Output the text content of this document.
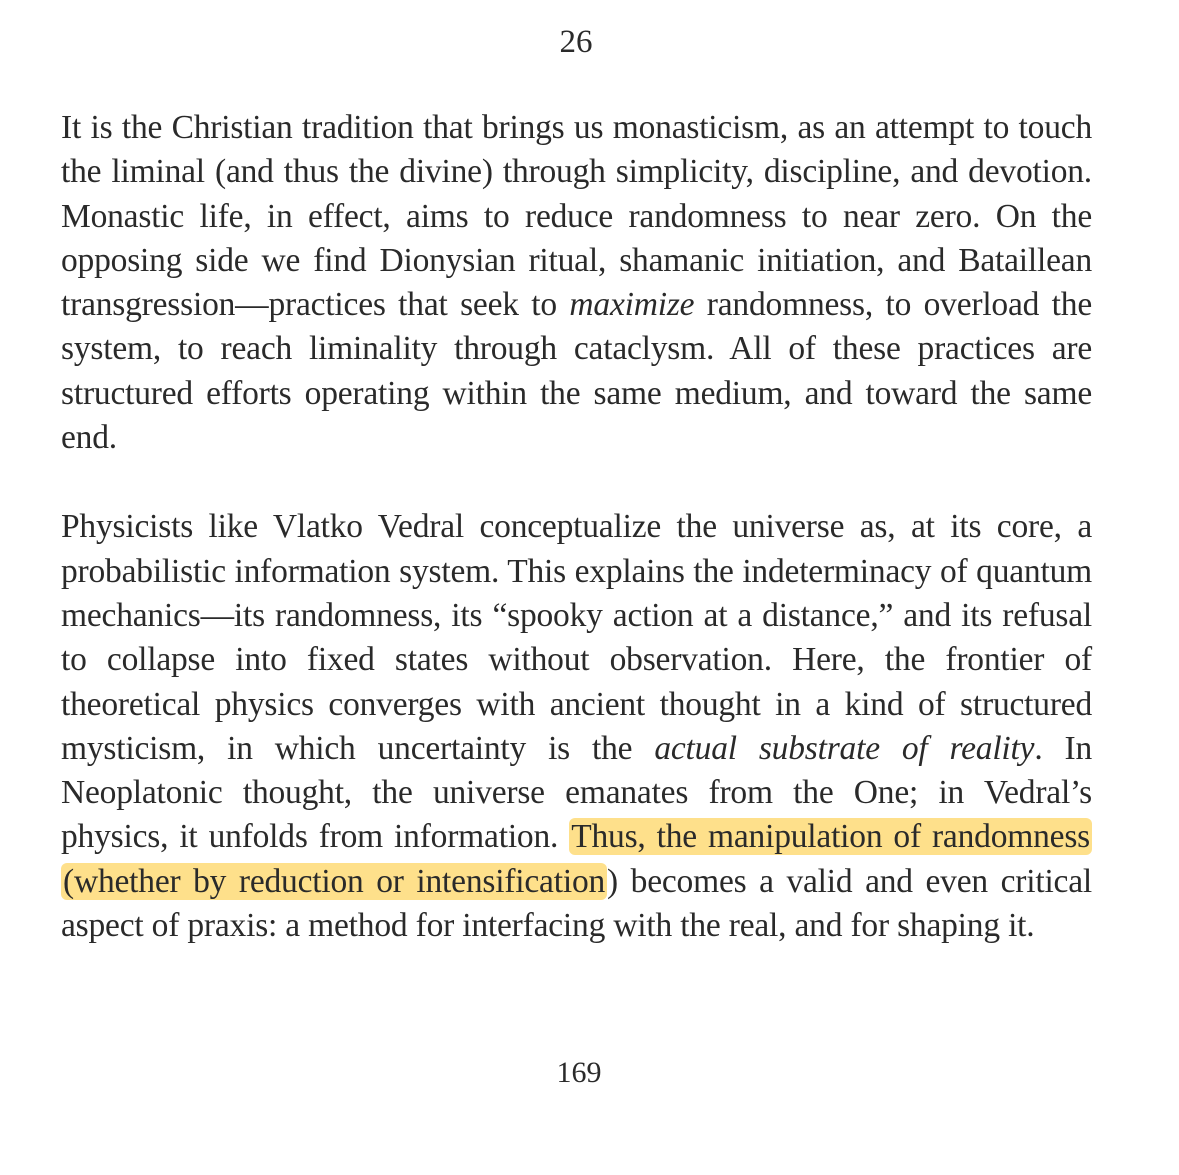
26

It is the Christian tradition that brings us monasticism, as an attempt to touch the liminal (and thus the divine) through simplicity, discipline, and devotion. Monastic life, in effect, aims to reduce randomness to near zero. On the opposing side we find Dionysian ritual, shamanic initiation, and Bataillean transgression—practices that seek to maximize randomness, to overload the system, to reach liminality through cataclysm. All of these practices are structured efforts operating within the same medium, and toward the same end.

Physicists like Vlatko Vedral conceptualize the universe as, at its core, a probabilistic information system. This explains the indeterminacy of quantum mechanics—its randomness, its “spooky action at a distance,” and its refusal to collapse into fixed states without observation. Here, the frontier of theoretical physics converges with ancient thought in a kind of structured mysticism, in which uncertainty is the actual substrate of reality. In Neoplatonic thought, the universe emanates from the One; in Vedral’s physics, it unfolds from information. Thus, the manipulation of randomness (whether by reduction or intensification) becomes a valid and even critical aspect of praxis: a method for interfacing with the real, and for shaping it.

169
